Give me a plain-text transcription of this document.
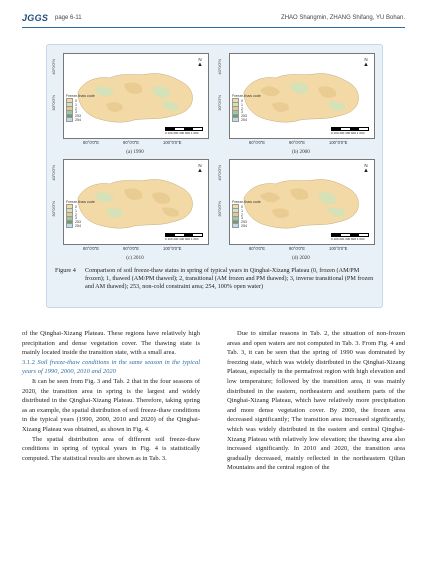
JGGS page 6-11	ZHAO Shangmin, ZHANG Shifang, YU Bohan.
N
▲
Freeze-thaw code
0
1
2
3
253
254
0 100 200 400 600 1 000
40°0'0"N
30°0'0"N
80°0'0"E	90°0'0"E	100°0'0"E
(a) 1990
N
▲
Freeze-thaw code
0
1
2
3
253
254
0 100 200 400 600 1 000
40°0'0"N
30°0'0"N
80°0'0"E	90°0'0"E	100°0'0"E
(b) 2000
N
▲
Freeze-thaw code
0
1
2
3
253
254
0 100 200 400 600 1 000
40°0'0"N
30°0'0"N
80°0'0"E	90°0'0"E	100°0'0"E
(c) 2010
N
▲
Freeze-thaw code
0
1
2
3
253
254
0 100 200 400 600 1 000
40°0'0"N
30°0'0"N
80°0'0"E	90°0'0"E	100°0'0"E
(d) 2020
Figure 4 Comparison of soil freeze-thaw status in spring of typical years in Qinghai-Xizang Plateau (0, frozen (AM/PM frozen); 1, thawed (AM/PM thawed); 2, transitional (AM frozen and PM thawed); 3, inverse transitional (PM frozen and AM thawed); 253, non-cold constraint area; 254, 100% open water)

of the Qinghai-Xizang Plateau. These regions have relatively high precipitation and dense vegetation cover. The thawing state is mainly located inside the transition state, with a small area.

3.1.2 Soil freeze-thaw conditions in the same season in the typical years of 1990, 2000, 2010 and 2020

It can be seen from Fig. 3 and Tab. 2 that in the four seasons of 2020, the transition area in spring is the largest and widely distributed in the Qinghai-Xizang Plateau. Therefore, taking spring as an example, the spatial distribution of soil freeze-thaw conditions in the typical years (1990, 2000, 2010 and 2020) of the Qinghai-Xizang Plateau was obtained, as shown in Fig. 4.

The spatial distribution area of different soil freeze-thaw conditions in spring of typical years in Fig. 4 is statistically computed. The statistical results are shown as in Tab. 3.

Due to similar reasons in Tab. 2, the situation of non-frozen areas and open waters are not computed in Tab. 3. From Fig. 4 and Tab. 3, it can be seen that the spring of 1990 was dominated by freezing state, which was widely distributed in the Qinghai-Xizang Plateau, especially in the permafrost region with high elevation and low temperature; followed by the transition area, it was mainly distributed in the eastern, northeastern and southern parts of the Qinghai-Xizang Plateau, which have relatively more precipitation and more dense vegetation cover. By 2000, the frozen area decreased significantly; The transition area increased significantly, which was widely distributed in the eastern and central Qinghai-Xizang Plateau with relatively low elevation; the thawing area also increased significantly. In 2010 and 2020, the transition area gradually decreased, mainly reflected in the northeastern Qilian Mountains and the central region of the
